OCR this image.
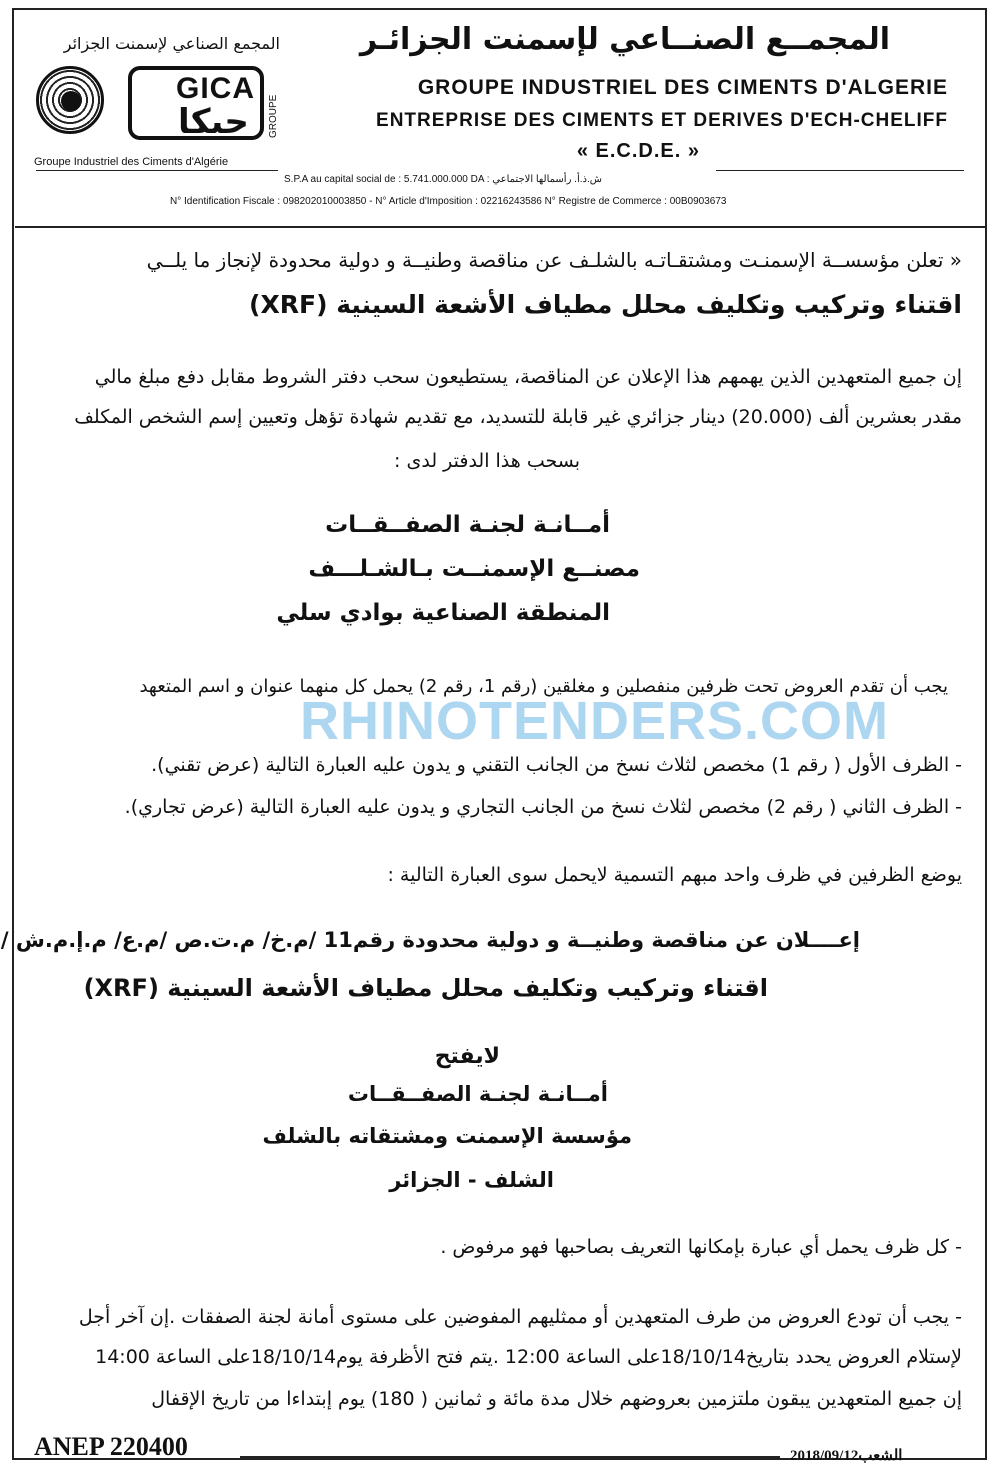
المجمــع الصنــاعي لإسمنت الجزائـر
GROUPE INDUSTRIEL DES CIMENTS D'ALGERIE
ENTREPRISE DES CIMENTS ET DERIVES D'ECH-CHELIFF
« E.C.D.E. »
المجمع الصناعي لإسمنت الجزائر
GICA
جيكا GROUPE
Groupe Industriel des Ciments d'Algérie
S.P.A au capital social de : 5.741.000.000 DA : ش.ذ.أ. رأسمالها الاجتماعي
N° Identification Fiscale : 098202010003850 - N° Article d'Imposition : 02216243586 N° Registre de Commerce : 00B0903673
« تعلن مؤسســة الإسمنـت ومشتقـاتـه بالشلـف عن مناقصة وطنيــة و دولية محدودة لإنجاز ما يلــي
اقتناء وتركيب وتكليف محلل مطياف الأشعة السينية (XRF)
إن جميع المتعهدين الذين يهمهم هذا الإعلان عن المناقصة، يستطيعون سحب دفتر الشروط مقابل دفع مبلغ مالي
مقدر بعشرين ألف (20.000) دينار جزائري غير قابلة للتسديد، مع تقديم شهادة تؤهل وتعيين إسم الشخص المكلف
بسحب هذا الدفتر لدى :
أمــانـة لجنـة الصفــقــات
مصنــع الإسمنــت بـالشـلـــف
المنطقة الصناعية بوادي سلي
يجب أن تقدم العروض تحت ظرفين منفصلين و مغلقين (رقم 1، رقم 2) يحمل كل منهما عنوان و اسم المتعهد
- الظرف الأول ( رقم 1) مخصص لثلاث نسخ من الجانب التقني و يدون عليه العبارة التالية (عرض تقني).
- الظرف الثاني ( رقم 2) مخصص لثلاث نسخ من الجانب التجاري و يدون عليه العبارة التالية (عرض تجاري).
يوضع الظرفين في ظرف واحد مبهم التسمية لايحمل سوى العبارة التالية :
إعــــلان عن مناقصة وطنيــة و دولية محدودة رقم11 /م.خ/ م.ت.ص /م.ع/ م.إ.م.ش /
اقتناء وتركيب وتكليف محلل مطياف الأشعة السينية (XRF)
لايفتح
أمــانـة لجنـة الصفــقــات
مؤسسة الإسمنت ومشتقاته بالشلف
الشلف - الجزائر
- كل ظرف يحمل أي عبارة بإمكانها التعريف بصاحبها فهو مرفوض .
- يجب أن تودع العروض من طرف المتعهدين أو ممثليهم المفوضين على مستوى أمانة لجنة الصفقات .إن آخر أجل
لإستلام العروض يحدد بتاريخ18/10/14على الساعة 12:00 .يتم فتح الأظرفة يوم18/10/14على الساعة 14:00
إن جميع المتعهدين يبقون ملتزمين بعروضهم خلال مدة مائة و ثمانين ( 180) يوم إبتداءا من تاريخ الإقفال
RHINOTENDERS.COM
ANEP 220400	الشعب2018/09/12
